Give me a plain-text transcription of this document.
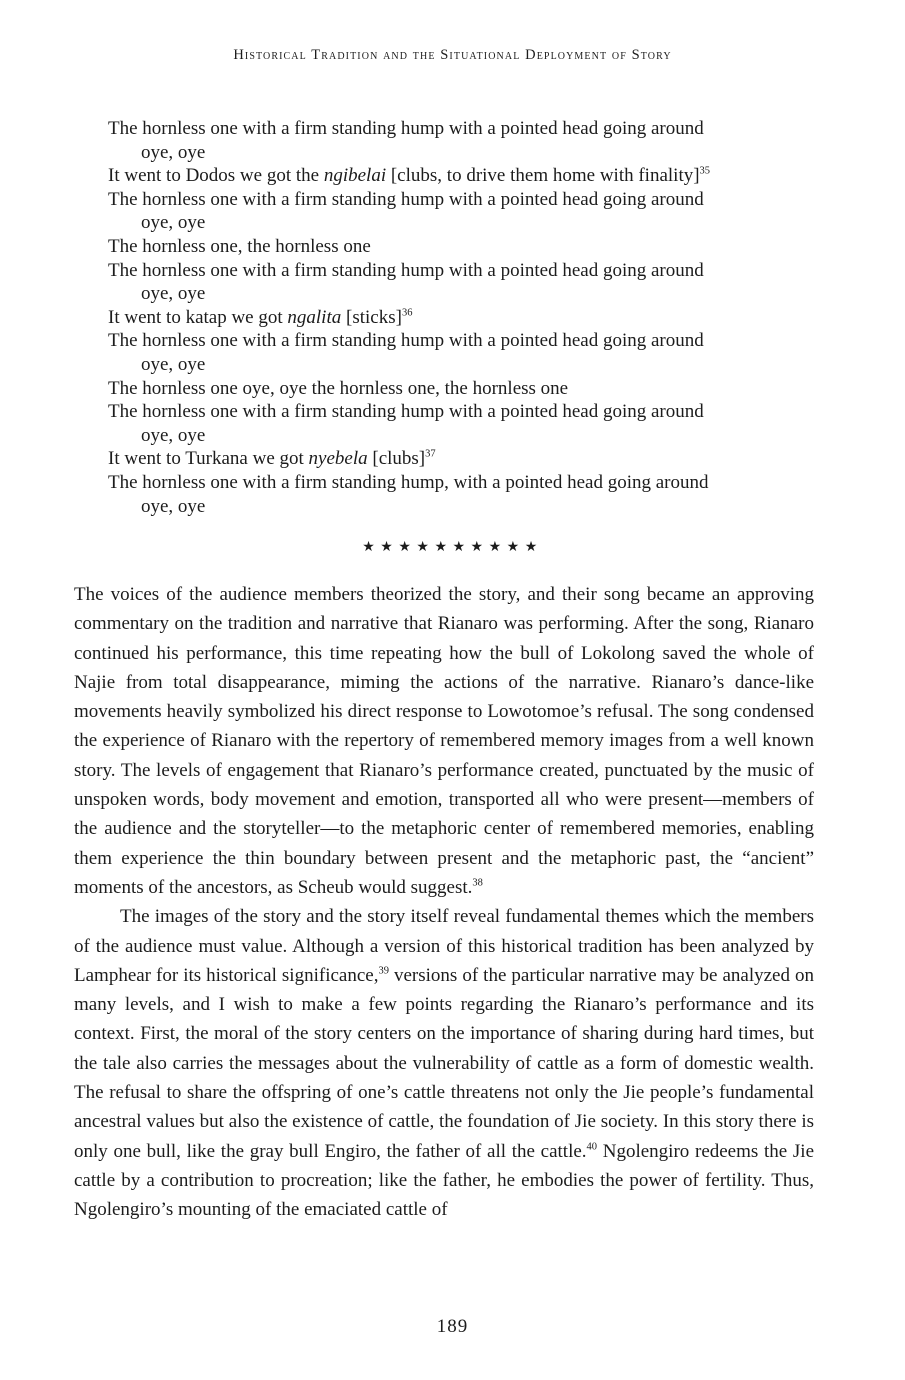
Historical Tradition and the Situational Deployment of Story
The hornless one with a firm standing hump with a pointed head going around
oye, oye
It went to Dodos we got the ngibelai [clubs, to drive them home with finality]$^{35}$
The hornless one with a firm standing hump with a pointed head going around
oye, oye
The hornless one, the hornless one
The hornless one with a firm standing hump with a pointed head going around
oye, oye
It went to katap we got ngalita [sticks]$^{36}$
The hornless one with a firm standing hump with a pointed head going around
oye, oye
The hornless one oye, oye the hornless one, the hornless one
The hornless one with a firm standing hump with a pointed head going around
oye, oye
It went to Turkana we got nyebela [clubs]$^{37}$
The hornless one with a firm standing hump, with a pointed head going around
oye, oye
★★★★★★★★★★

The voices of the audience members theorized the story, and their song became an approving commentary on the tradition and narrative that Rianaro was performing. After the song, Rianaro continued his performance, this time repeating how the bull of Lokolong saved the whole of Najie from total disappearance, miming the actions of the narrative. Rianaro’s dance-like movements heavily symbolized his direct response to Lowotomoe’s refusal. The song condensed the experience of Rianaro with the repertory of remembered memory images from a well known story. The levels of engagement that Rianaro’s performance created, punctuated by the music of unspoken words, body movement and emotion, transported all who were present—members of the audience and the storyteller—to the metaphoric center of remembered memories, enabling them experience the thin boundary between present and the metaphoric past, the “ancient” moments of the ancestors, as Scheub would suggest.$^{38}$

The images of the story and the story itself reveal fundamental themes which the members of the audience must value. Although a version of this historical tradition has been analyzed by Lamphear for its historical significance,$^{39}$ versions of the particular narrative may be analyzed on many levels, and I wish to make a few points regarding the Rianaro’s performance and its context. First, the moral of the story centers on the importance of sharing during hard times, but the tale also carries the messages about the vulnerability of cattle as a form of domestic wealth. The refusal to share the offspring of one’s cattle threatens not only the Jie people’s fundamental ancestral values but also the existence of cattle, the foundation of Jie society. In this story there is only one bull, like the gray bull Engiro, the father of all the cattle.$^{40}$ Ngolengiro redeems the Jie cattle by a contribution to procreation; like the father, he embodies the power of fertility. Thus, Ngolengiro’s mounting of the emaciated cattle of

189
